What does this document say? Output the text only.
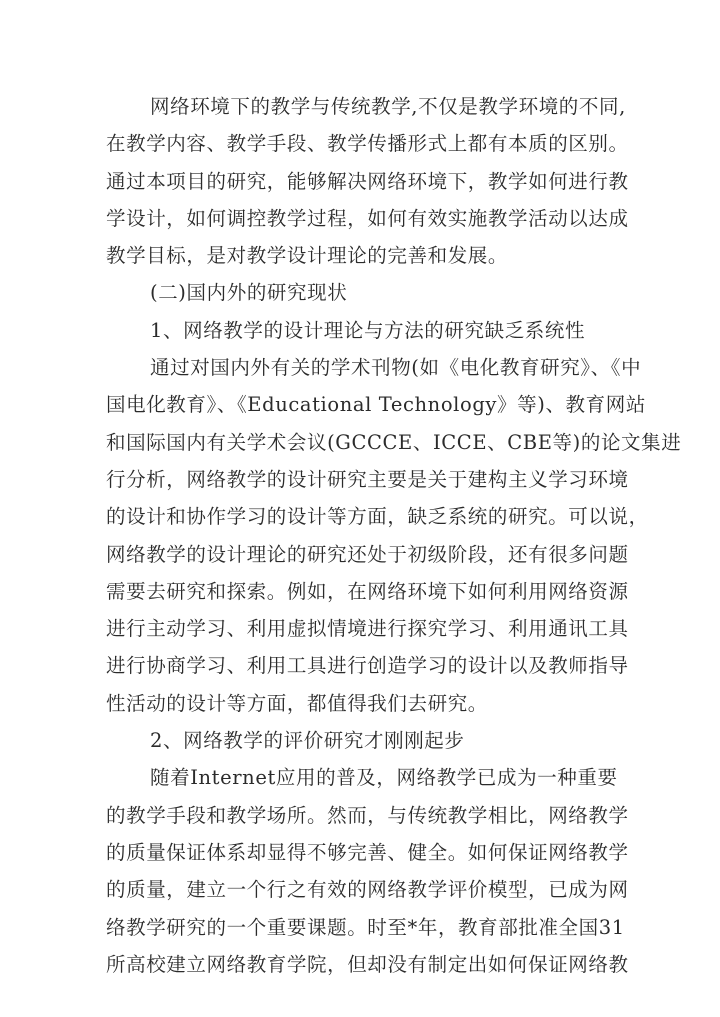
网络环境下的教学与传统教学,不仅是教学环境的不同,
在教学内容、教学手段、教学传播形式上都有本质的区别。
通过本项目的研究，能够解决网络环境下，教学如何进行教
学设计，如何调控教学过程，如何有效实施教学活动以达成
教学目标，是对教学设计理论的完善和发展。
(二)国内外的研究现状
1、网络教学的设计理论与方法的研究缺乏系统性
通过对国内外有关的学术刊物(如《电化教育研究》、《中
国电化教育》、《Educational Technology》等)、教育网站
和国际国内有关学术会议(GCCCE、ICCE、CBE等)的论文集进
行分析，网络教学的设计研究主要是关于建构主义学习环境
的设计和协作学习的设计等方面，缺乏系统的研究。可以说，
网络教学的设计理论的研究还处于初级阶段，还有很多问题
需要去研究和探索。例如，在网络环境下如何利用网络资源
进行主动学习、利用虚拟情境进行探究学习、利用通讯工具
进行协商学习、利用工具进行创造学习的设计以及教师指导
性活动的设计等方面，都值得我们去研究。
2、网络教学的评价研究才刚刚起步
随着Internet应用的普及，网络教学已成为一种重要
的教学手段和教学场所。然而，与传统教学相比，网络教学
的质量保证体系却显得不够完善、健全。如何保证网络教学
的质量，建立一个行之有效的网络教学评价模型，已成为网
络教学研究的一个重要课题。时至*年，教育部批准全国31
所高校建立网络教育学院，但却没有制定出如何保证网络教
